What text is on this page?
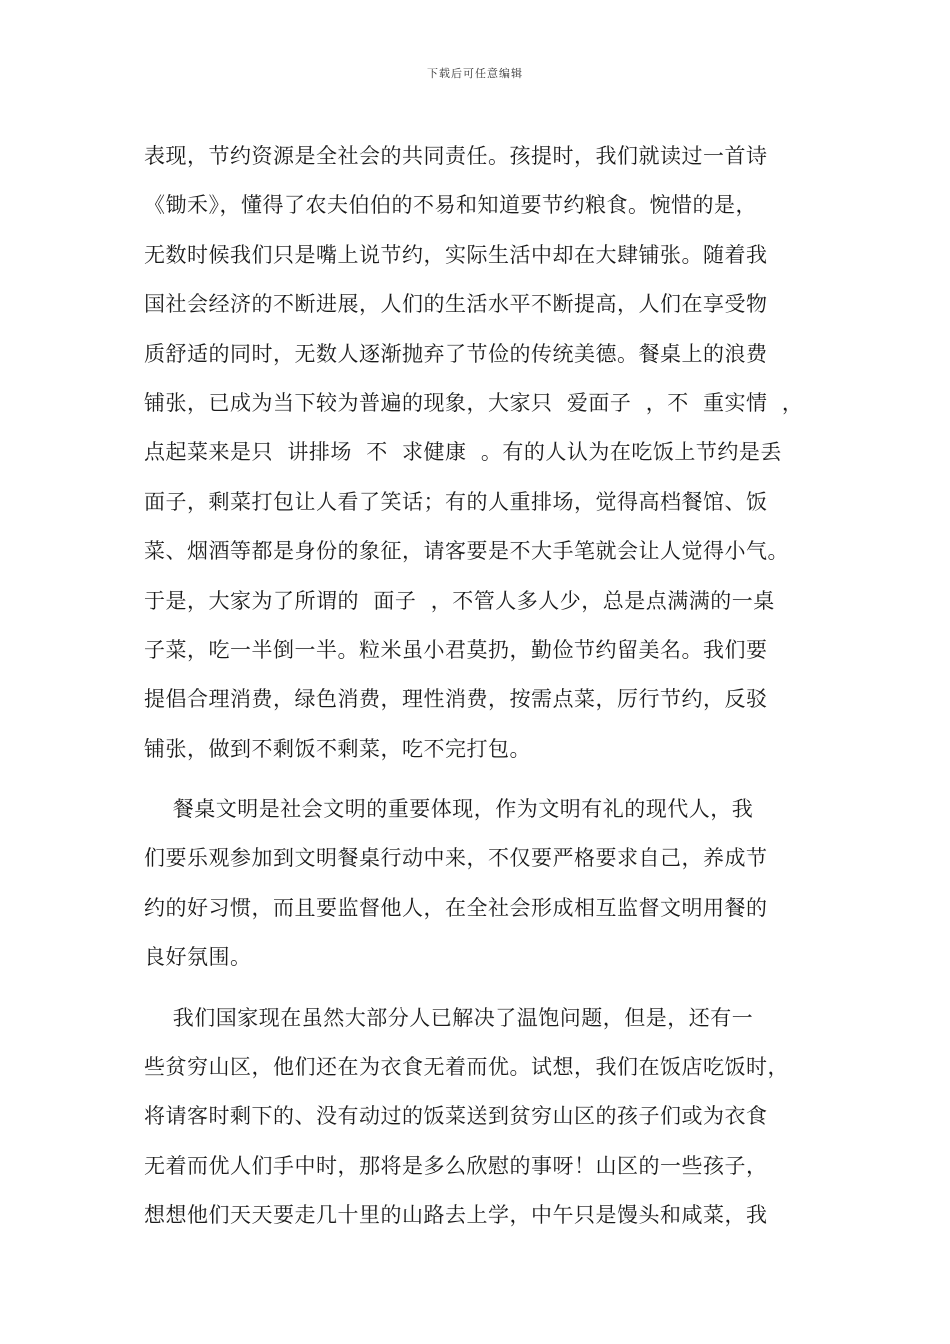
下载后可任意编辑
表现，节约资源是全社会的共同责任。孩提时，我们就读过一首诗
《锄禾》，懂得了农夫伯伯的不易和知道要节约粮食。惋惜的是，
无数时候我们只是嘴上说节约，实际生活中却在大肆铺张。随着我
国社会经济的不断进展，人们的生活水平不断提高，人们在享受物
质舒适的同时，无数人逐渐抛弃了节俭的传统美德。餐桌上的浪费
铺张，已成为当下较为普遍的现象，大家只  爱面子  ，不  重实情  ，
点起菜来是只  讲排场  不  求健康  。有的人认为在吃饭上节约是丢
面子，剩菜打包让人看了笑话；有的人重排场，觉得高档餐馆、饭
菜、烟酒等都是身份的象征，请客要是不大手笔就会让人觉得小气。
于是，大家为了所谓的  面子  ，不管人多人少，总是点满满的一桌
子菜，吃一半倒一半。粒米虽小君莫扔，勤俭节约留美名。我们要
提倡合理消费，绿色消费，理性消费，按需点菜，厉行节约，反驳
铺张，做到不剩饭不剩菜，吃不完打包。
餐桌文明是社会文明的重要体现，作为文明有礼的现代人，我
们要乐观参加到文明餐桌行动中来，不仅要严格要求自己，养成节
约的好习惯，而且要监督他人，在全社会形成相互监督文明用餐的
良好氛围。
我们国家现在虽然大部分人已解决了温饱问题，但是，还有一
些贫穷山区，他们还在为衣食无着而优。试想，我们在饭店吃饭时，
将请客时剩下的、没有动过的饭菜送到贫穷山区的孩子们或为衣食
无着而优人们手中时，那将是多么欣慰的事呀！山区的一些孩子，
想想他们天天要走几十里的山路去上学，中午只是馒头和咸菜，我
